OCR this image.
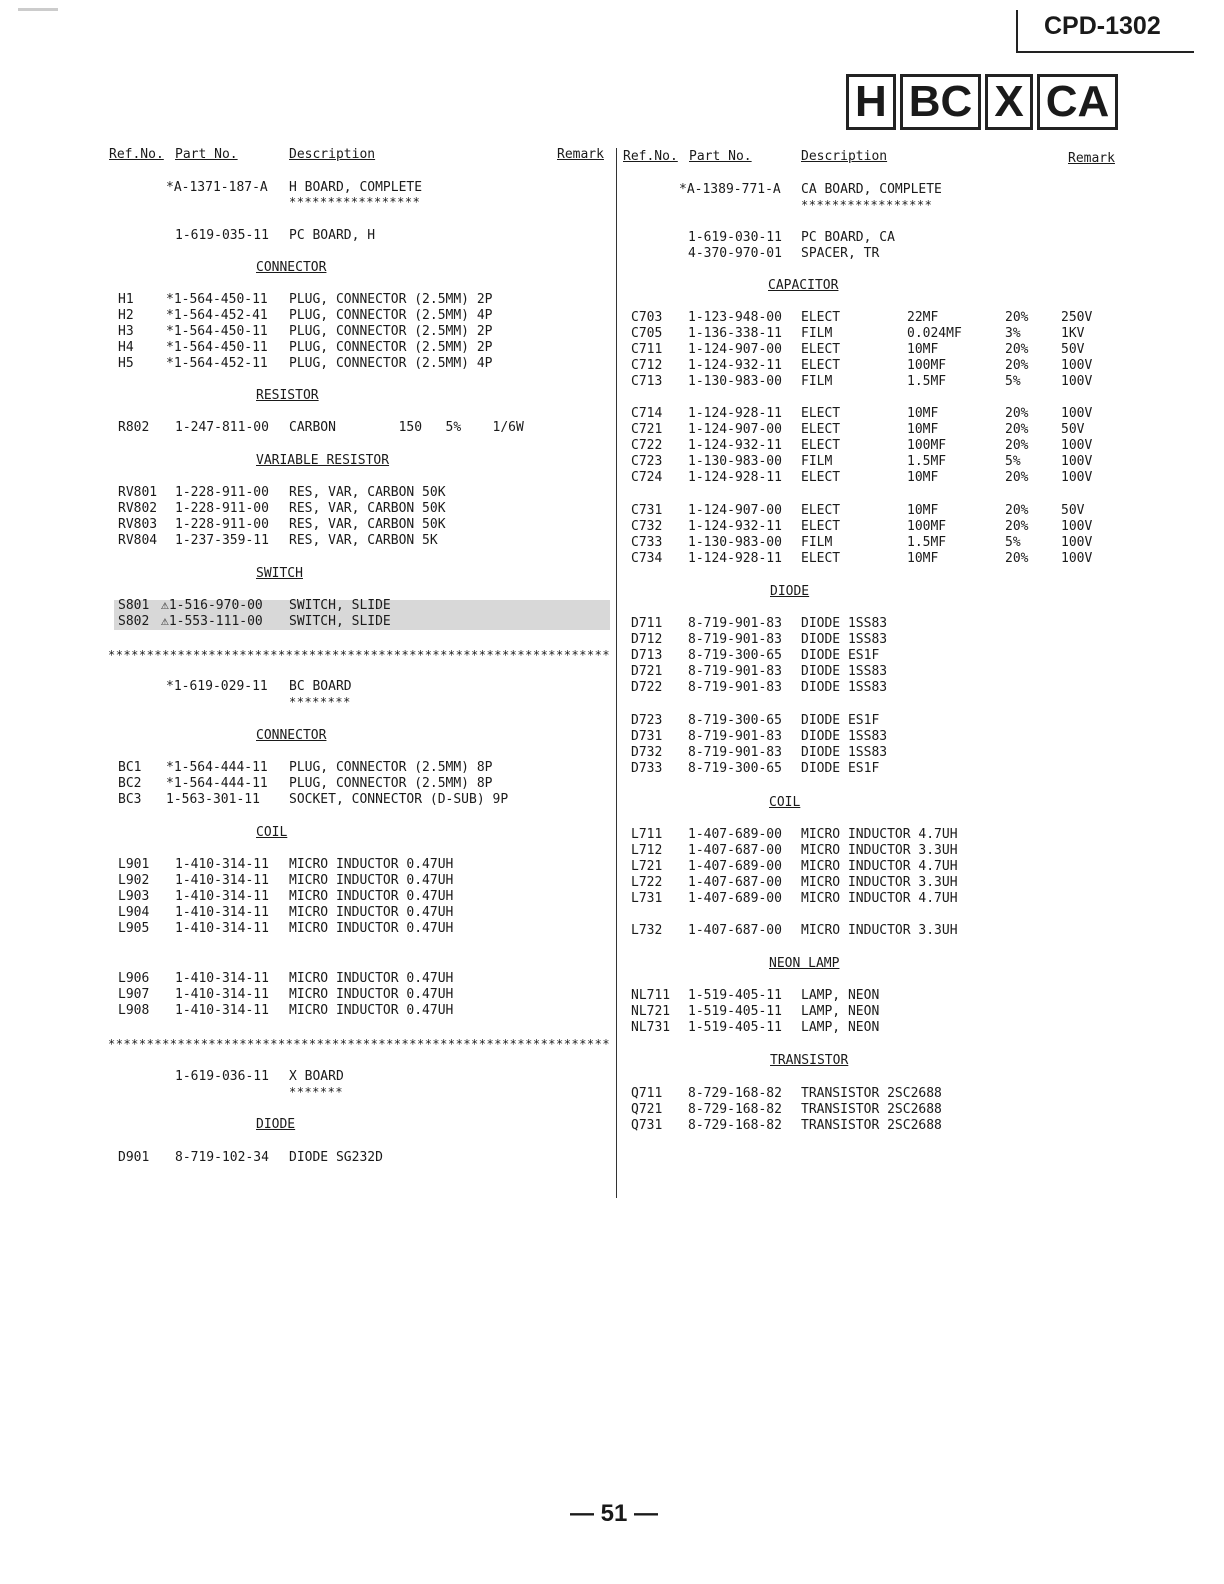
CPD-1302
H BC X CA
Ref.No. Part No.	Description	Remark Ref.No. Part No.	Description	Remark
*A-1371-187-A H BOARD, COMPLETE
*****************
1-619-035-11 PC BOARD, H
CONNECTOR
H1 *1-564-450-11 PLUG, CONNECTOR (2.5MM) 2P
H2 *1-564-452-41 PLUG, CONNECTOR (2.5MM) 4P
H3 *1-564-450-11 PLUG, CONNECTOR (2.5MM) 2P
H4 *1-564-450-11 PLUG, CONNECTOR (2.5MM) 2P
H5 *1-564-452-11 PLUG, CONNECTOR (2.5MM) 4P
RESISTOR
R802 1-247-811-00 CARBON        150   5%    1/6W
VARIABLE RESISTOR
RV801 1-228-911-00 RES, VAR, CARBON 50K
RV802 1-228-911-00 RES, VAR, CARBON 50K
RV803 1-228-911-00 RES, VAR, CARBON 50K
RV804 1-237-359-11 RES, VAR, CARBON 5K
SWITCH
S801 ⚠1-516-970-00 SWITCH, SLIDE
S802 ⚠1-553-111-00 SWITCH, SLIDE
*****************************************************************
*1-619-029-11 BC BOARD
********
CONNECTOR
BC1 *1-564-444-11 PLUG, CONNECTOR (2.5MM) 8P
BC2 *1-564-444-11 PLUG, CONNECTOR (2.5MM) 8P
BC3 1-563-301-11 SOCKET, CONNECTOR (D-SUB) 9P
COIL
L901 1-410-314-11 MICRO INDUCTOR 0.47UH
L902 1-410-314-11 MICRO INDUCTOR 0.47UH
L903 1-410-314-11 MICRO INDUCTOR 0.47UH
L904 1-410-314-11 MICRO INDUCTOR 0.47UH
L905 1-410-314-11 MICRO INDUCTOR 0.47UH
L906 1-410-314-11 MICRO INDUCTOR 0.47UH
L907 1-410-314-11 MICRO INDUCTOR 0.47UH
L908 1-410-314-11 MICRO INDUCTOR 0.47UH
*****************************************************************
1-619-036-11 X BOARD
*******
DIODE
D901 8-719-102-34 DIODE SG232D
*A-1389-771-A CA BOARD, COMPLETE
*****************
1-619-030-11 PC BOARD, CA
4-370-970-01 SPACER, TR
CAPACITOR
C703 1-123-948-00 ELECT	22MF	20%	250V
C705 1-136-338-11 FILM	0.024MF	3%	1KV
C711 1-124-907-00 ELECT	10MF	20%	50V
C712 1-124-932-11 ELECT	100MF	20%	100V
C713 1-130-983-00 FILM	1.5MF	5%	100V
C714 1-124-928-11 ELECT	10MF	20%	100V
C721 1-124-907-00 ELECT	10MF	20%	50V
C722 1-124-932-11 ELECT	100MF	20%	100V
C723 1-130-983-00 FILM	1.5MF	5%	100V
C724 1-124-928-11 ELECT	10MF	20%	100V
C731 1-124-907-00 ELECT	10MF	20%	50V
C732 1-124-932-11 ELECT	100MF	20%	100V
C733 1-130-983-00 FILM	1.5MF	5%	100V
C734 1-124-928-11 ELECT	10MF	20%	100V
DIODE
D711 8-719-901-83 DIODE 1SS83
D712 8-719-901-83 DIODE 1SS83
D713 8-719-300-65 DIODE ES1F
D721 8-719-901-83 DIODE 1SS83
D722 8-719-901-83 DIODE 1SS83
D723 8-719-300-65 DIODE ES1F
D731 8-719-901-83 DIODE 1SS83
D732 8-719-901-83 DIODE 1SS83
D733 8-719-300-65 DIODE ES1F
COIL
L711 1-407-689-00 MICRO INDUCTOR 4.7UH
L712 1-407-687-00 MICRO INDUCTOR 3.3UH
L721 1-407-689-00 MICRO INDUCTOR 4.7UH
L722 1-407-687-00 MICRO INDUCTOR 3.3UH
L731 1-407-689-00 MICRO INDUCTOR 4.7UH
L732 1-407-687-00 MICRO INDUCTOR 3.3UH
NEON LAMP
NL711 1-519-405-11 LAMP, NEON
NL721 1-519-405-11 LAMP, NEON
NL731 1-519-405-11 LAMP, NEON
TRANSISTOR
Q711 8-729-168-82 TRANSISTOR 2SC2688
Q721 8-729-168-82 TRANSISTOR 2SC2688
Q731 8-729-168-82 TRANSISTOR 2SC2688
— 51 —
